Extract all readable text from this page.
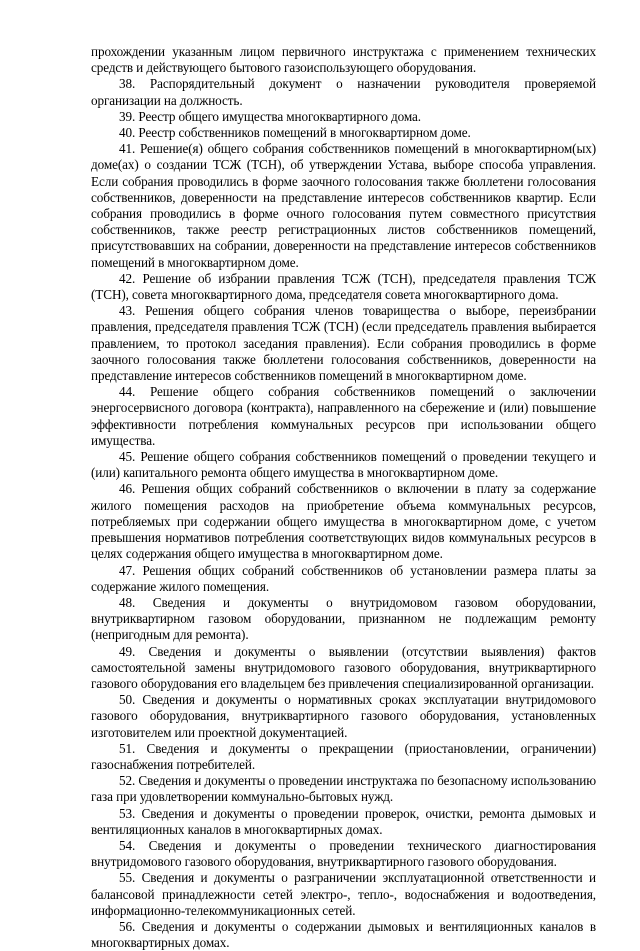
прохождении указанным лицом первичного инструктажа с применением технических средств и действующего бытового газоиспользующего оборудования.

38. Распорядительный документ о назначении руководителя проверяемой организации на должность.

39. Реестр общего имущества многоквартирного дома.

40. Реестр собственников помещений в многоквартирном доме.

41. Решение(я) общего собрания собственников помещений в многоквартирном(ых) доме(ах) о создании ТСЖ (ТСН), об утверждении Устава, выборе способа управления. Если собрания проводились в форме заочного голосования также бюллетени голосования собственников, доверенности на представление интересов собственников квартир. Если собрания проводились в форме очного голосования путем совместного присутствия собственников, также реестр регистрационных листов собственников помещений, присутствовавших на собрании, доверенности на представление интересов собственников помещений в многоквартирном доме.

42. Решение об избрании правления ТСЖ (ТСН), председателя правления ТСЖ (ТСН), совета многоквартирного дома, председателя совета многоквартирного дома.

43. Решения общего собрания членов товарищества о выборе, переизбрании правления, председателя правления ТСЖ (ТСН) (если председатель правления выбирается правлением, то протокол заседания правления). Если собрания проводились в форме заочного голосования также бюллетени голосования собственников, доверенности на представление интересов собственников помещений в многоквартирном доме.

44. Решение общего собрания собственников помещений о заключении энергосервисного договора (контракта), направленного на сбережение и (или) повышение эффективности потребления коммунальных ресурсов при использовании общего имущества.

45. Решение общего собрания собственников помещений о проведении текущего и (или) капитального ремонта общего имущества в многоквартирном доме.

46. Решения общих собраний собственников о включении в плату за содержание жилого помещения расходов на приобретение объема коммунальных ресурсов, потребляемых при содержании общего имущества в многоквартирном доме, с учетом превышения нормативов потребления соответствующих видов коммунальных ресурсов в целях содержания общего имущества в многоквартирном доме.

47. Решения общих собраний собственников об установлении размера платы за содержание жилого помещения.

48. Сведения и документы о внутридомовом газовом оборудовании, внутриквартирном газовом оборудовании, признанном не подлежащим ремонту (непригодным для ремонта).

49. Сведения и документы о выявлении (отсутствии выявления) фактов самостоятельной замены внутридомового газового оборудования, внутриквартирного газового оборудования его владельцем без привлечения специализированной организации.

50. Сведения и документы о нормативных сроках эксплуатации внутридомового газового оборудования, внутриквартирного газового оборудования, установленных изготовителем или проектной документацией.

51. Сведения и документы о прекращении (приостановлении, ограничении) газоснабжения потребителей.

52. Сведения и документы о проведении инструктажа по безопасному использованию газа при удовлетворении коммунально-бытовых нужд.

53. Сведения и документы о проведении проверок, очистки, ремонта дымовых и вентиляционных каналов в многоквартирных домах.

54. Сведения и документы о проведении технического диагностирования внутридомового газового оборудования, внутриквартирного газового оборудования.

55. Сведения и документы о разграничении эксплуатационной ответственности и балансовой принадлежности сетей электро-, тепло-, водоснабжения и водоотведения, информационно-телекоммуникационных сетей.

56. Сведения и документы о содержании дымовых и вентиляционных каналов в многоквартирных домах.
